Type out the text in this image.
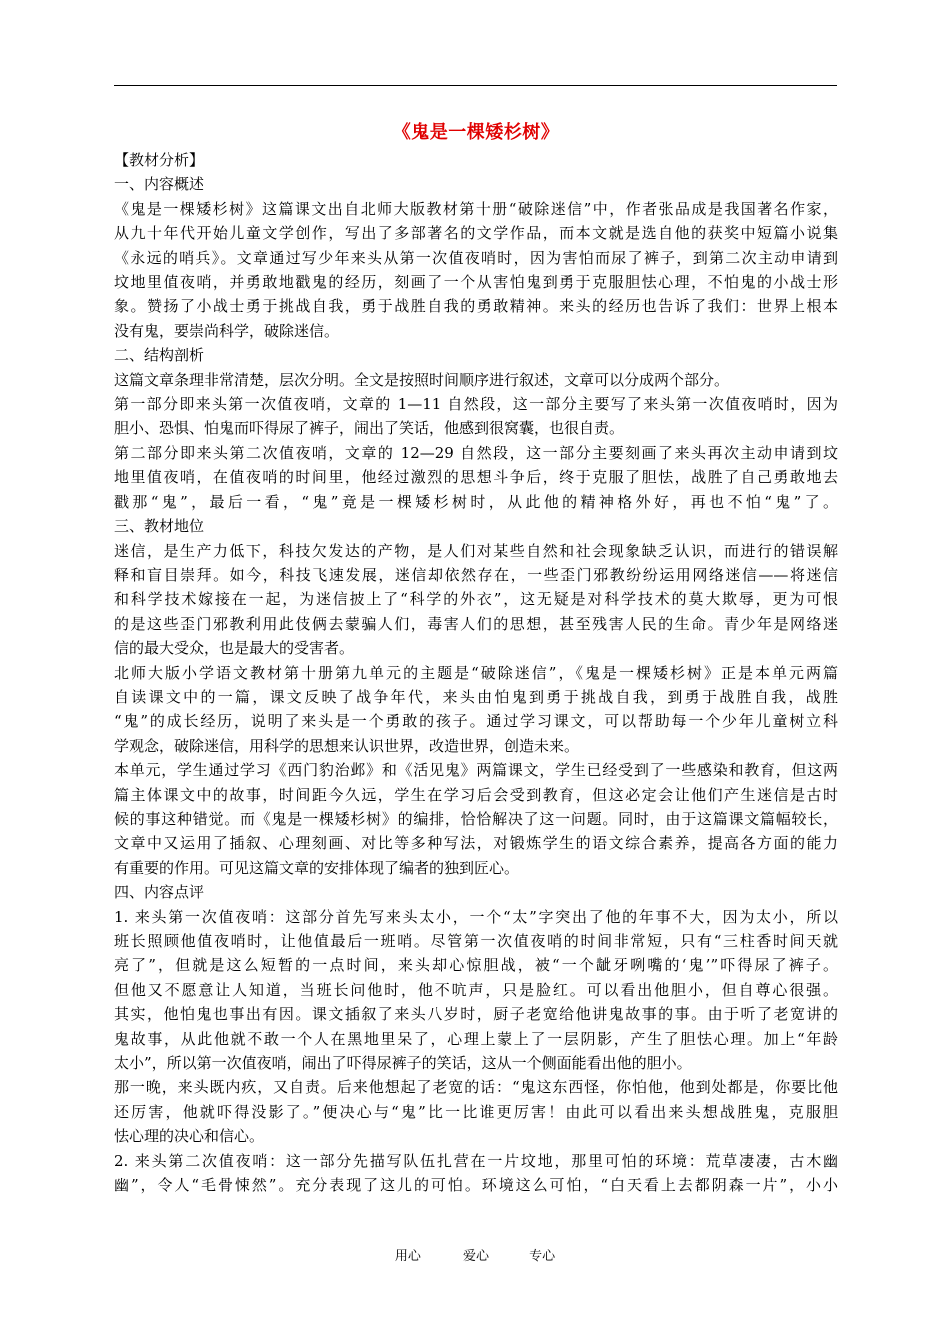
《鬼是一棵矮杉树》

【教材分析】

一、内容概述

《鬼是一棵矮杉树》这篇课文出自北师大版教材第十册“破除迷信”中，作者张品成是我国著名作家，

从九十年代开始儿童文学创作，写出了多部著名的文学作品，而本文就是选自他的获奖中短篇小说集

《永远的哨兵》。文章通过写少年来头从第一次值夜哨时，因为害怕而尿了裤子，到第二次主动申请到

坟地里值夜哨，并勇敢地戳鬼的经历，刻画了一个从害怕鬼到勇于克服胆怯心理，不怕鬼的小战士形

象。赞扬了小战士勇于挑战自我，勇于战胜自我的勇敢精神。来头的经历也告诉了我们：世界上根本

没有鬼，要崇尚科学，破除迷信。

二、结构剖析

这篇文章条理非常清楚，层次分明。全文是按照时间顺序进行叙述，文章可以分成两个部分。

第一部分即来头第一次值夜哨，文章的 1—11 自然段，这一部分主要写了来头第一次值夜哨时，因为

胆小、恐惧、怕鬼而吓得尿了裤子，闹出了笑话，他感到很窝囊，也很自责。

第二部分即来头第二次值夜哨，文章的 12—29 自然段，这一部分主要刻画了来头再次主动申请到坟

地里值夜哨，在值夜哨的时间里，他经过激烈的思想斗争后，终于克服了胆怯，战胜了自己勇敢地去

戳那“鬼”，最后一看，“鬼”竟是一棵矮杉树时，从此他的精神格外好，再也不怕“鬼”了。

三、教材地位

迷信，是生产力低下，科技欠发达的产物，是人们对某些自然和社会现象缺乏认识，而进行的错误解

释和盲目崇拜。如今，科技飞速发展，迷信却依然存在，一些歪门邪教纷纷运用网络迷信——将迷信

和科学技术嫁接在一起，为迷信披上了“科学的外衣”，这无疑是对科学技术的莫大欺辱，更为可恨

的是这些歪门邪教利用此伎俩去蒙骗人们，毒害人们的思想，甚至残害人民的生命。青少年是网络迷

信的最大受众，也是最大的受害者。

北师大版小学语文教材第十册第九单元的主题是“破除迷信”，《鬼是一棵矮杉树》正是本单元两篇

自读课文中的一篇，课文反映了战争年代，来头由怕鬼到勇于挑战自我，到勇于战胜自我，战胜

“鬼”的成长经历，说明了来头是一个勇敢的孩子。通过学习课文，可以帮助每一个少年儿童树立科

学观念，破除迷信，用科学的思想来认识世界，改造世界，创造未来。

本单元，学生通过学习《西门豹治邺》和《活见鬼》两篇课文，学生已经受到了一些感染和教育，但这两

篇主体课文中的故事，时间距今久远，学生在学习后会受到教育，但这必定会让他们产生迷信是古时

候的事这种错觉。而《鬼是一棵矮杉树》的编排，恰恰解决了这一问题。同时，由于这篇课文篇幅较长，

文章中又运用了插叙、心理刻画、对比等多种写法，对锻炼学生的语文综合素养，提高各方面的能力

有重要的作用。可见这篇文章的安排体现了编者的独到匠心。

四、内容点评

1. 来头第一次值夜哨：这部分首先写来头太小，一个“太”字突出了他的年事不大，因为太小，所以

班长照顾他值夜哨时，让他值最后一班哨。尽管第一次值夜哨的时间非常短，只有“三柱香时间天就

亮了”，但就是这么短暂的一点时间，来头却心惊胆战，被“一个龇牙咧嘴的‘鬼’”吓得尿了裤子。

但他又不愿意让人知道，当班长问他时，他不吭声，只是脸红。可以看出他胆小，但自尊心很强。

其实，他怕鬼也事出有因。课文插叙了来头八岁时，厨子老宽给他讲鬼故事的事。由于听了老宽讲的

鬼故事，从此他就不敢一个人在黑地里呆了，心理上蒙上了一层阴影，产生了胆怯心理。加上“年龄

太小”，所以第一次值夜哨，闹出了吓得尿裤子的笑话，这从一个侧面能看出他的胆小。

那一晚，来头既内疚，又自责。后来他想起了老宽的话：“鬼这东西怪，你怕他，他到处都是，你要比他

还厉害，他就吓得没影了。”便决心与“鬼”比一比谁更厉害！由此可以看出来头想战胜鬼，克服胆

怯心理的决心和信心。

2. 来头第二次值夜哨：这一部分先描写队伍扎营在一片坟地，那里可怕的环境：荒草凄凄，古木幽

幽”，令人“毛骨悚然”。充分表现了这儿的可怕。环境这么可怕，“白天看上去都阴森一片”，小小

用心	爱心	专心
